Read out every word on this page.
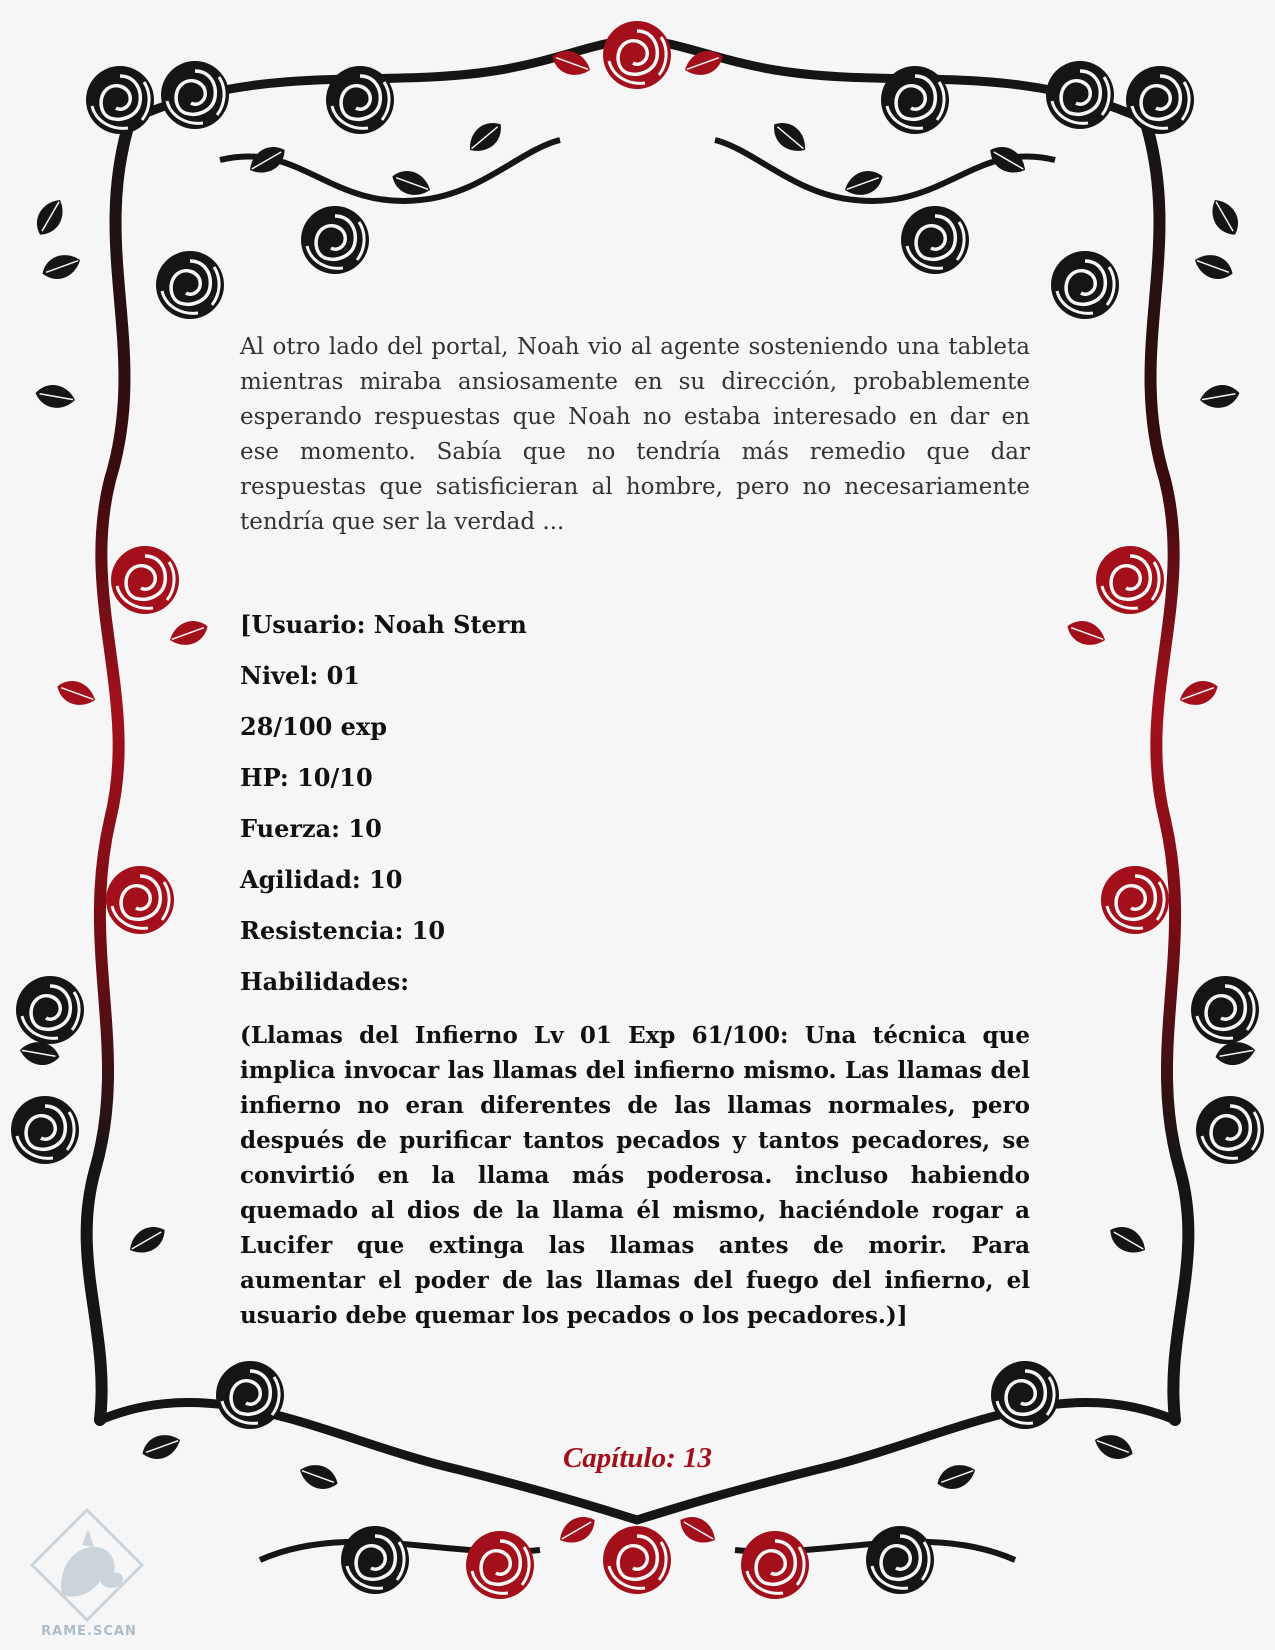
Al otro lado del portal, Noah vio al agente sosteniendo una tableta mientras miraba ansiosamente en su dirección, probablemente esperando respuestas que Noah no estaba interesado en dar en ese momento. Sabía que no tendría más remedio que dar respuestas que satisficieran al hombre, pero no necesariamente tendría que ser la verdad ...

[Usuario: Noah Stern
Nivel: 01
28/100 exp
HP: 10/10
Fuerza: 10
Agilidad: 10
Resistencia: 10
Habilidades:

(Llamas del Infierno Lv 01 Exp 61/100: Una técnica que implica invocar las llamas del infierno mismo. Las llamas del infierno no eran diferentes de las llamas normales, pero después de purificar tantos pecados y tantos pecadores, se convirtió en la llama más poderosa. incluso habiendo quemado al dios de la llama él mismo, haciéndole rogar a Lucifer que extinga las llamas antes de morir. Para aumentar el poder de las llamas del fuego del infierno, el usuario debe quemar los pecados o los pecadores.)]

Capítulo: 13
RAME.SCAN
